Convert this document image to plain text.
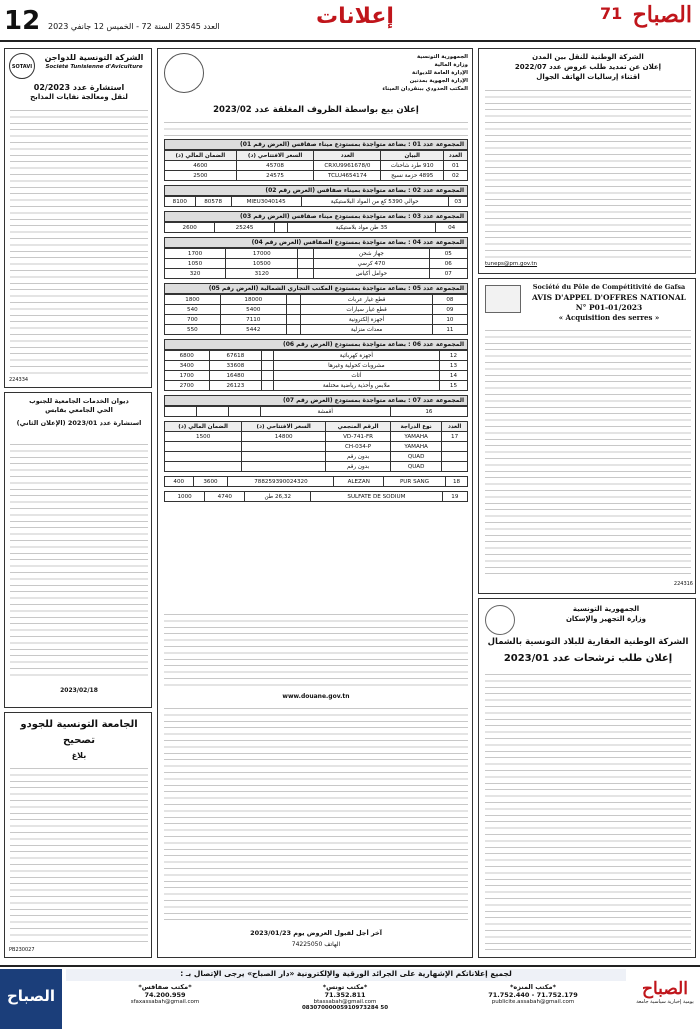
12 العدد 23545 السنة 72 - الخميس 12 جانفي 2023	إعلانات	الصباح
71
SOTAVI
الشركة التونسية للدواجن
Société Tunisienne d'Aviculture
استشارة عدد 02/2023
لنقل ومعالجة نفايات المذابح
224334
ديوان الخدمات الجامعية للجنوب
الحي الجامعي بقابس
استشارة عدد 2023/01 (الإعلان الثاني)
2023/02/18
الجامعة التونسية للجودو
تصحيح
بلاغ
PB230027
الجمهورية التونسية
وزارة المالية
الإدارة العامة للديوانة
الإدارة الجهوية بمدنين
المكتب الحدودي ببنقردان الميناء
إعلان بيع بواسطة الظروف المغلقة عدد 2023/02
المجموعة عدد 01 : بضاعة متواجدة بمستودع ميناء صفاقس (العرض رقم 01)
العدد	البيان	العدد	السعر الافتتاحي (د)	الضمان المالي (د)
01	910 طرد شاحنات	CRXU9961678/0	45708	4600
02	4895 حزمة نسيج	TCLU4654174	24575	2500
المجموعة عدد 02 : بضاعة متواجدة بميناء صفاقس (العرض رقم 02)
03	حوالي 5390 كغ من المواد البلاستيكية	MIEU3040145	80578	8100
المجموعة عدد 03 : بضاعة متواجدة بمستودع ميناء صفاقس (العرض رقم 03)
04	35 طن مواد بلاستيكية		25245	2600
المجموعة عدد 04 : بضاعة متواجدة بمستودع الصفاقس (العرض رقم 04)
05	جهاز شحن		17000	1700
06	470 كرسي		10500	1050
07	حوامل أكياس		3120	320
المجموعة عدد 05 : بضاعة متواجدة بمستودع المكتب التجاري الشمالية (العرض رقم 05)
08	قطع غيار عربات		18000	1800
09	قطع غيار سيارات		5400	540
10	أجهزة إلكترونية		7110	700
11	معدات منزلية		5442	550
المجموعة عدد 06 : بضاعة متواجدة بمستودع (العرض رقم 06)
12	أجهزة كهربائية		67618	6800
13	مشروبات كحولية وغيرها		33608	3400
14	أثاث		16480	1700
15	ملابس وأحذية رياضية مختلفة		26123	2700
المجموعة عدد 07 : بضاعة متواجدة بمستودع (العرض رقم 07)
16	أقمشة			
العدد	نوع الدراجة	الرقم المنجمي	السعر الافتتاحي (د)	الضمان المالي (د)
17	YAMAHA	VD-741-FR	14800	1500
	YAMAHA	CH-034-P		
	QUAD	بدون رقم		
	QUAD	بدون رقم		
18	PUR SANG	ALEZAN	788259390024320	3600	400
19	SULFATE DE SODIUM	26,32 طن	4740	1000
www.douane.gov.tn
آخر أجل لقبول العروض يوم 2023/01/23
الهاتف 74225050
الشركة الوطنية للنقل بين المدن
إعلان عن تمديد طلب عروض عدد 2022/07
اقتناء إرساليات الهاتف الجوال
tuneps@pm.gov.tn
Société du Pôle de Compétitivité de Gafsa
AVIS D'APPEL D'OFFRES NATIONAL
N° P01-01/2023
« Acquisition des serres »
224316
الجمهورية التونسية
وزارة التجهيز والإسكان
الشركة الوطنية العقارية للبلاد التونسية بالشمال
إعلان طلب ترشحات عدد 2023/01
الصباح
لجميع إعلاناتكم الإشهارية على الجرائد الورقية والإلكترونية «دار الصباح» يرجى الإتصال بـ :
*مكتب صفاقس*
74.200.959
sfaxassabah@gmail.com
*مكتب تونس*
71.352.811
btassabah@gmail.com
08307000005910973284 50
*مكتب المنزه*
71.752.440 - 71.752.179
publicite.assabah@gmail.com
الصباح
يومية إخبارية سياسية جامعة
